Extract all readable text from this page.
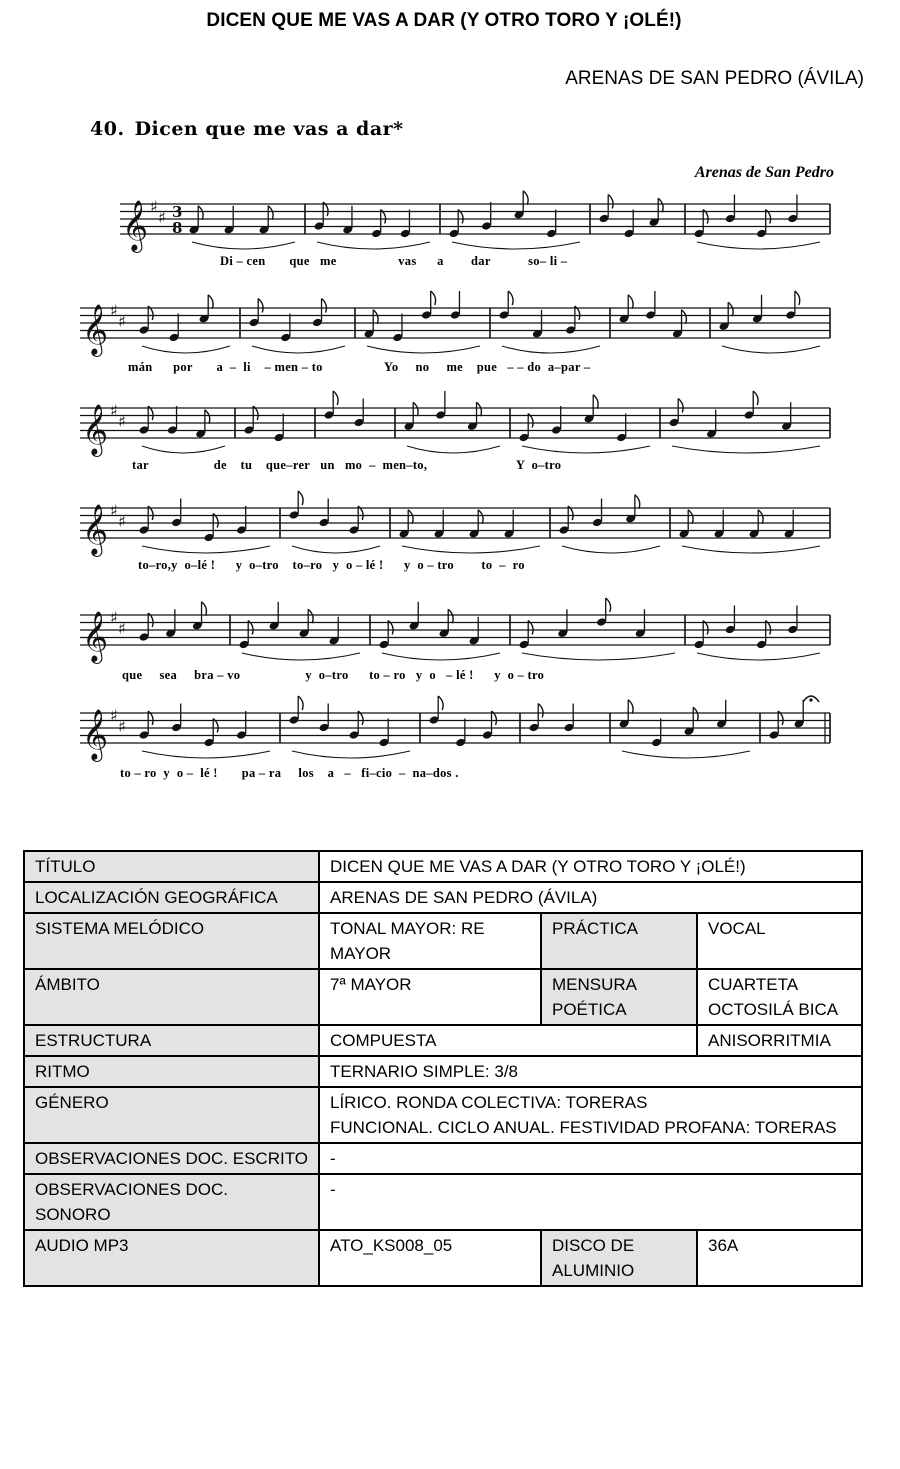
DICEN QUE ME VAS A DAR (Y OTRO TORO Y ¡OLÉ!)
ARENAS DE SAN PEDRO (ÁVILA)
𝄞 ♯
♯ 3
8
𝄞 ♯
♯
𝄞 ♯
♯
𝄞 ♯
♯
𝄞 ♯
♯
𝄞 ♯
♯
40. Dicen que me vas a dar*
Arenas de San Pedro
Di – cen       que   me                  vas      a        dar           so– li –
mán      por       a  –  li    – men – to                  Yo     no     me    pue   – – do  a–par –
tar                   de    tu    que–rer   un   mo  –  men–to,                          Y  o–tro
to–ro,y  o–lé !      y  o–tro    to–ro   y  o – lé !      y  o – tro        to  –  ro
que     sea     bra – vo                   y  o–tro      to – ro   y  o   – lé !      y  o – tro
to – ro  y  o –  lé !       pa – ra     los    a   –   fi–cio  –  na–dos .
TÍTULO	DICEN QUE ME VAS A DAR (Y OTRO TORO Y ¡OLÉ!)		
LOCALIZACIÓN GEOGRÁFICA	ARENAS DE SAN PEDRO (ÁVILA)		
SISTEMA MELÓDICO	TONAL MAYOR: RE MAYOR	PRÁCTICA	VOCAL
ÁMBITO	7ª MAYOR	MENSURA POÉTICA	CUARTETA OCTOSILÁ BICA
ESTRUCTURA	COMPUESTA		ANISORRITMIA
RITMO	TERNARIO SIMPLE: 3/8		
GÉNERO	LÍRICO. RONDA COLECTIVA: TORERAS
FUNCIONAL. CICLO ANUAL. FESTIVIDAD PROFANA: TORERAS		

OBSERVACIONES DOC. ESCRITO	-		
OBSERVACIONES DOC. SONORO	-		
AUDIO MP3	ATO_KS008_05	DISCO DE ALUMINIO	36A
